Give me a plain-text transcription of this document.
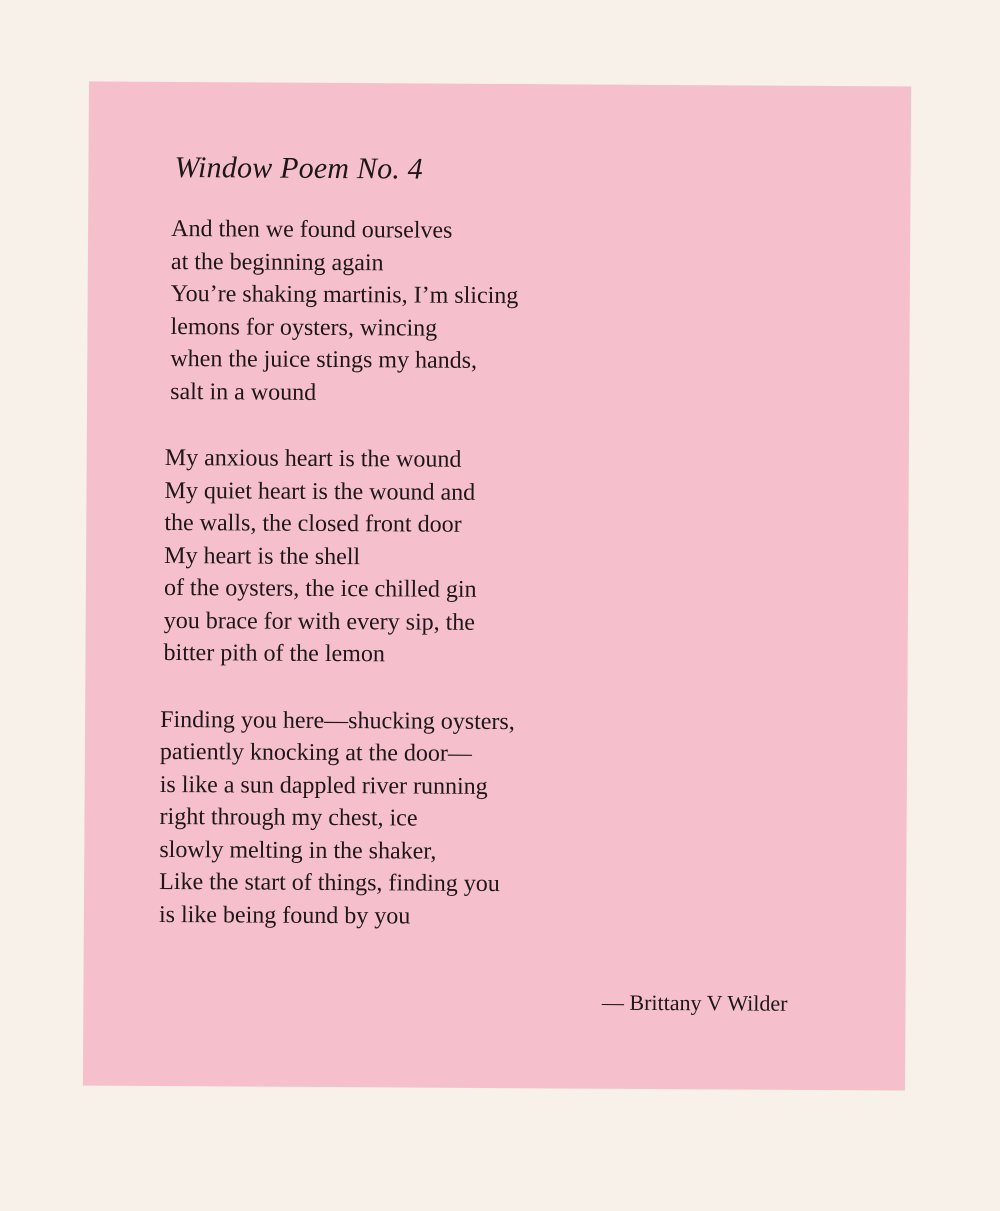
Window Poem No. 4
And then we found ourselves
at the beginning again
You’re shaking martinis, I’m slicing
lemons for oysters, wincing
when the juice stings my hands,
salt in a wound
My anxious heart is the wound
My quiet heart is the wound and
the walls, the closed front door
My heart is the shell
of the oysters, the ice chilled gin
you brace for with every sip, the
bitter pith of the lemon
Finding you here—shucking oysters,
patiently knocking at the door—
is like a sun dappled river running
right through my chest, ice
slowly melting in the shaker,
Like the start of things, finding you
is like being found by you
— Brittany V Wilder
